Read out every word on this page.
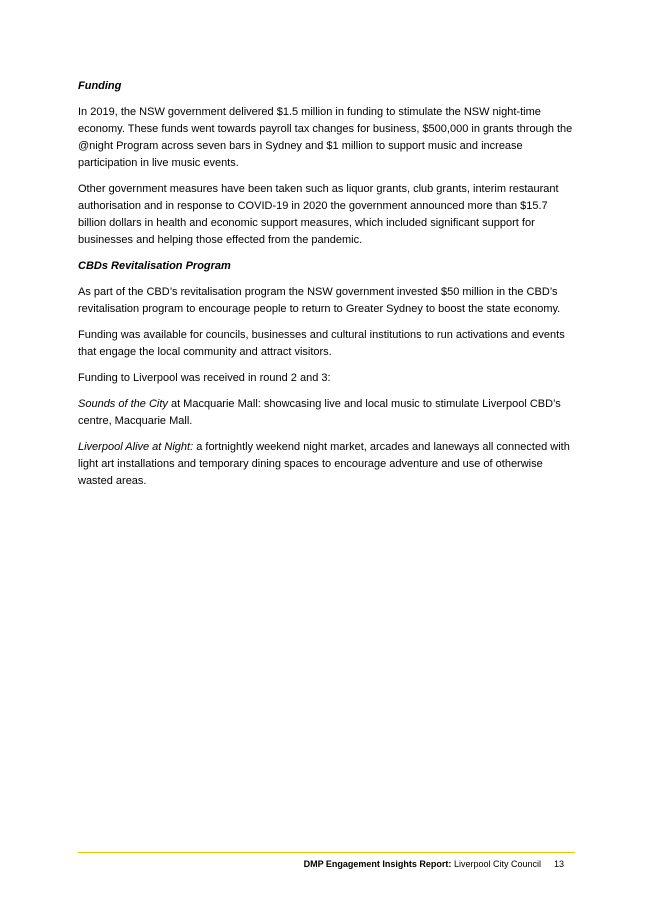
Funding

In 2019, the NSW government delivered $1.5 million in funding to stimulate the NSW night-time economy. These funds went towards payroll tax changes for business, $500,000 in grants through the @night Program across seven bars in Sydney and $1 million to support music and increase participation in live music events.

Other government measures have been taken such as liquor grants, club grants, interim restaurant authorisation and in response to COVID-19 in 2020 the government announced more than $15.7 billion dollars in health and economic support measures, which included significant support for businesses and helping those effected from the pandemic.

CBDs Revitalisation Program

As part of the CBD’s revitalisation program the NSW government invested $50 million in the CBD’s revitalisation program to encourage people to return to Greater Sydney to boost the state economy.

Funding was available for councils, businesses and cultural institutions to run activations and events that engage the local community and attract visitors.

Funding to Liverpool was received in round 2 and 3:

Sounds of the City at Macquarie Mall: showcasing live and local music to stimulate Liverpool CBD’s centre, Macquarie Mall.

Liverpool Alive at Night: a fortnightly weekend night market, arcades and laneways all connected with light art installations and temporary dining spaces to encourage adventure and use of otherwise wasted areas.

DMP Engagement Insights Report: Liverpool City Council 13
